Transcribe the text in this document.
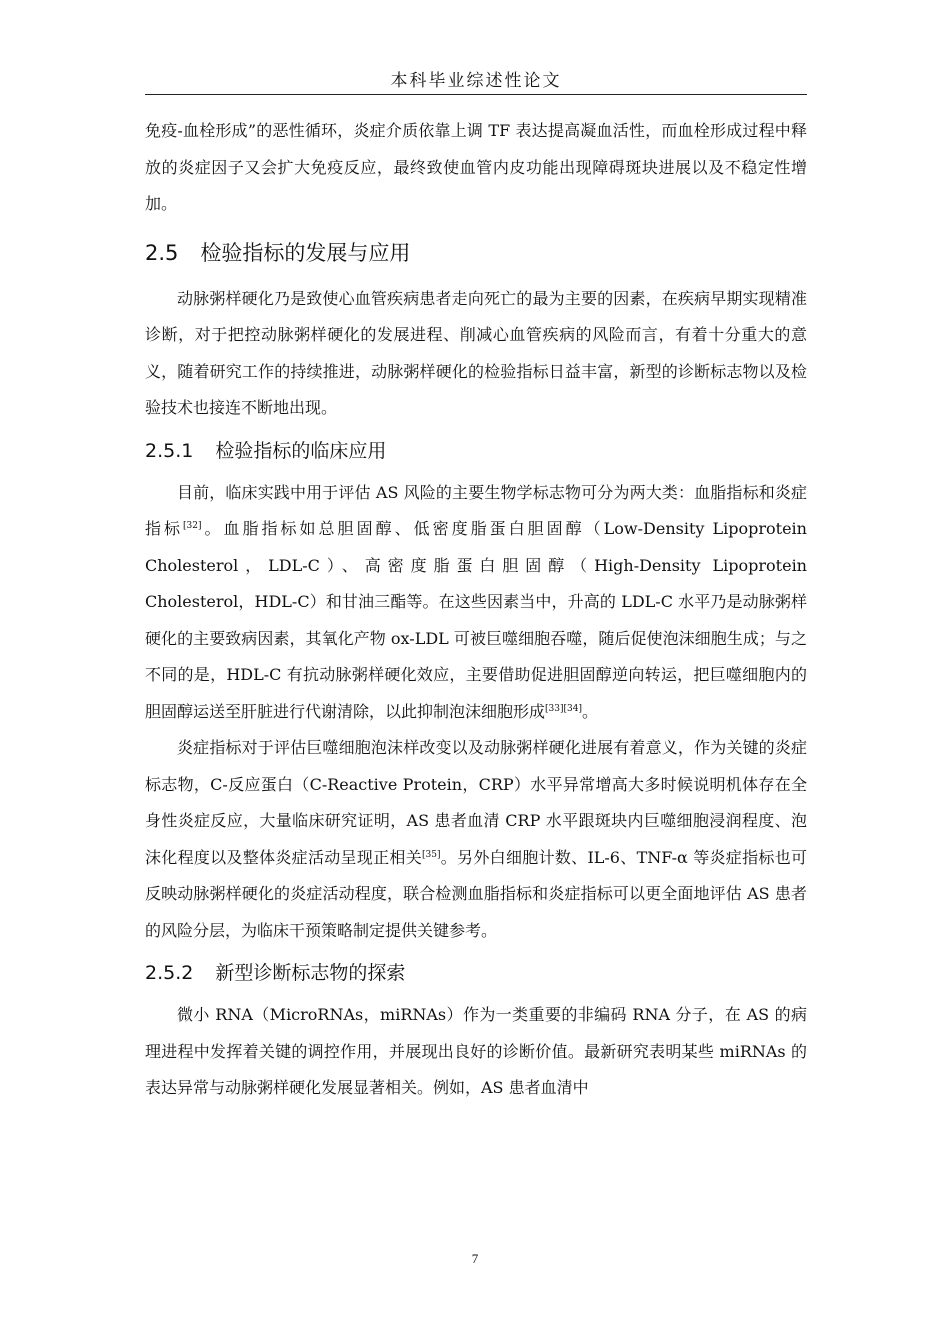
本科毕业综述性论文

免疫-血栓形成”的恶性循环，炎症介质依靠上调 TF 表达提高凝血活性，而血栓形成过程中释放的炎症因子又会扩大免疫反应，最终致使血管内皮功能出现障碍斑块进展以及不稳定性增加。

2.5 检验指标的发展与应用

动脉粥样硬化乃是致使心血管疾病患者走向死亡的最为主要的因素，在疾病早期实现精准诊断，对于把控动脉粥样硬化的发展进程、削减心血管疾病的风险而言，有着十分重大的意义，随着研究工作的持续推进，动脉粥样硬化的检验指标日益丰富，新型的诊断标志物以及检验技术也接连不断地出现。

2.5.1 检验指标的临床应用

目前，临床实践中用于评估 AS 风险的主要生物学标志物可分为两大类：血脂指标和炎症指标[32]。血脂指标如总胆固醇、低密度脂蛋白胆固醇（Low-Density Lipoprotein Cholesterol，LDL-C）、高密度脂蛋白胆固醇（High-Density Lipoprotein Cholesterol，HDL-C）和甘油三酯等。在这些因素当中，升高的 LDL-C 水平乃是动脉粥样硬化的主要致病因素，其氧化产物 ox-LDL 可被巨噬细胞吞噬，随后促使泡沫细胞生成；与之不同的是，HDL-C 有抗动脉粥样硬化效应，主要借助促进胆固醇逆向转运，把巨噬细胞内的胆固醇运送至肝脏进行代谢清除，以此抑制泡沫细胞形成[33][34]。

炎症指标对于评估巨噬细胞泡沫样改变以及动脉粥样硬化进展有着意义，作为关键的炎症标志物，C-反应蛋白（C-Reactive Protein，CRP）水平异常增高大多时候说明机体存在全身性炎症反应，大量临床研究证明，AS 患者血清 CRP 水平跟斑块内巨噬细胞浸润程度、泡沫化程度以及整体炎症活动呈现正相关[35]。另外白细胞计数、IL-6、TNF-α 等炎症指标也可反映动脉粥样硬化的炎症活动程度，联合检测血脂指标和炎症指标可以更全面地评估 AS 患者的风险分层，为临床干预策略制定提供关键参考。

2.5.2 新型诊断标志物的探索

微小 RNA（MicroRNAs，miRNAs）作为一类重要的非编码 RNA 分子，在 AS 的病理进程中发挥着关键的调控作用，并展现出良好的诊断价值。最新研究表明某些 miRNAs 的表达异常与动脉粥样硬化发展显著相关。例如，AS 患者血清中

7
